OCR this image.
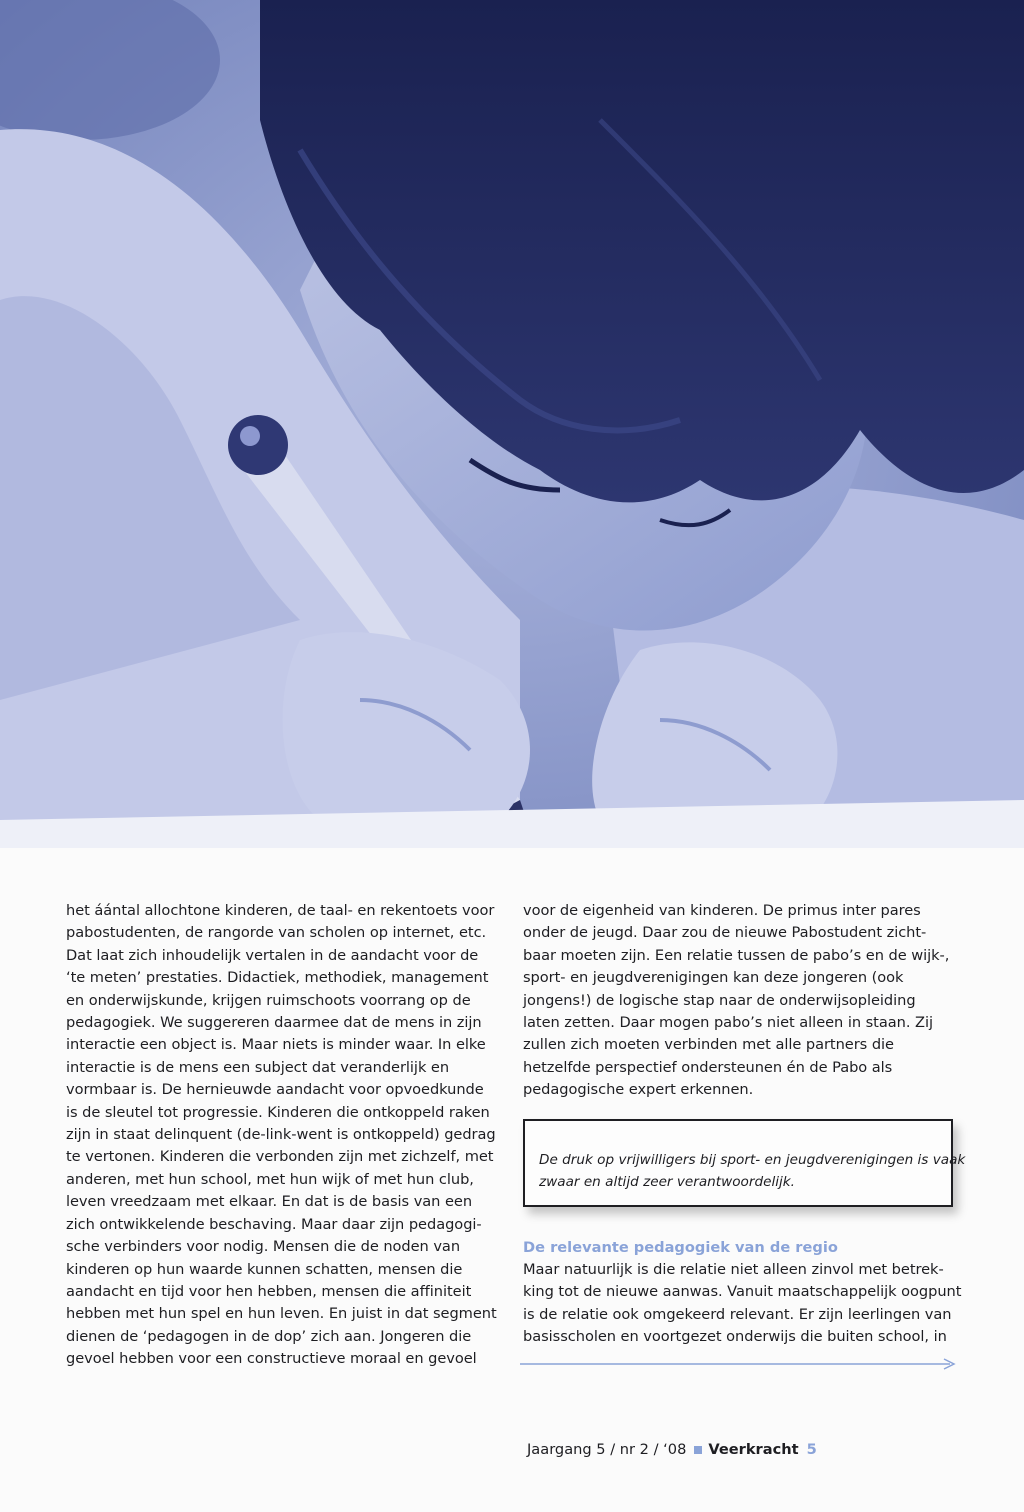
het áántal allochtone kinderen, de taal- en rekentoets voor

pabostudenten, de rangorde van scholen op internet, etc.

Dat laat zich inhoudelijk vertalen in de aandacht voor de

‘te meten’ prestaties. Didactiek, methodiek, management

en onderwijskunde, krijgen ruimschoots voorrang op de

pedagogiek. We suggereren daarmee dat de mens in zijn

interactie een object is. Maar niets is minder waar. In elke

interactie is de mens een subject dat veranderlijk en

vormbaar is. De hernieuwde aandacht voor opvoedkunde

is de sleutel tot progressie. Kinderen die ontkoppeld raken

zijn in staat delinquent (de-link-went is ontkoppeld) gedrag

te vertonen. Kinderen die verbonden zijn met zichzelf, met

anderen, met hun school, met hun wijk of met hun club,

leven vreedzaam met elkaar. En dat is de basis van een

zich ontwikkelende beschaving. Maar daar zijn pedagogi-

sche verbinders voor nodig. Mensen die de noden van

kinderen op hun waarde kunnen schatten, mensen die

aandacht en tijd voor hen hebben, mensen die affiniteit

hebben met hun spel en hun leven. En juist in dat segment

dienen de ‘pedagogen in de dop’ zich aan. Jongeren die

gevoel hebben voor een constructieve moraal en gevoel

voor de eigenheid van kinderen. De primus inter pares

onder de jeugd. Daar zou de nieuwe Pabostudent zicht-

baar moeten zijn. Een relatie tussen de pabo’s en de wijk-,

sport- en jeugdverenigingen kan deze jongeren (ook

jongens!) de logische stap naar de onderwijsopleiding

laten zetten. Daar mogen pabo’s niet alleen in staan. Zij

zullen zich moeten verbinden met alle partners die

hetzelfde perspectief ondersteunen én de Pabo als

pedagogische expert erkennen.

De druk op vrijwilligers bij sport- en jeugdverenigingen is vaak
zwaar en altijd zeer verantwoordelijk.

De relevante pedagogiek van de regio

Maar natuurlijk is die relatie niet alleen zinvol met betrek-

king tot de nieuwe aanwas. Vanuit maatschappelijk oogpunt

is de relatie ook omgekeerd relevant. Er zijn leerlingen van

basisscholen en voortgezet onderwijs die buiten school, in

Jaargang 5 / nr 2 / ‘08 Veerkracht 5
